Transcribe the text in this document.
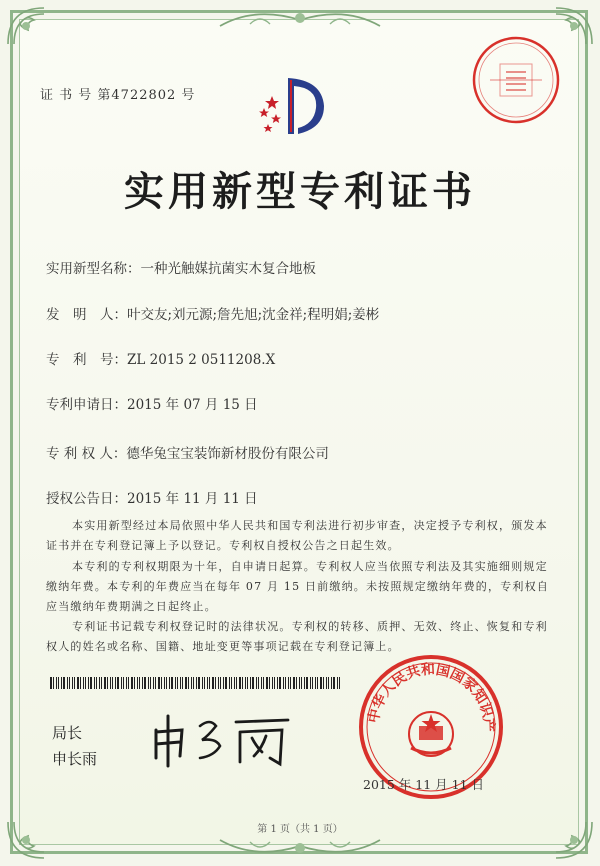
证 书 号 第4722802 号
实用新型专利证书
实用新型名称：一种光触媒抗菌实木复合地板
发　明　人：叶交友;刘元源;詹先旭;沈金祥;程明娟;姜彬
专　利　号：ZL 2015 2 0511208.X
专利申请日：2015 年 07 月 15 日
专 利 权 人：德华兔宝宝装饰新材股份有限公司
授权公告日：2015 年 11 月 11 日

本实用新型经过本局依照中华人民共和国专利法进行初步审查，决定授予专利权，颁发本证书并在专利登记簿上予以登记。专利权自授权公告之日起生效。

本专利的专利权期限为十年，自申请日起算。专利权人应当依照专利法及其实施细则规定缴纳年费。本专利的年费应当在每年 07 月 15 日前缴纳。未按照规定缴纳年费的，专利权自应当缴纳年费期满之日起终止。

专利证书记载专利权登记时的法律状况。专利权的转移、质押、无效、终止、恢复和专利权人的姓名或名称、国籍、地址变更等事项记载在专利登记簿上。

局长
申长雨
中华人民共和国国家知识产
2015 年 11 月 11 日
第 1 页（共 1 页）
